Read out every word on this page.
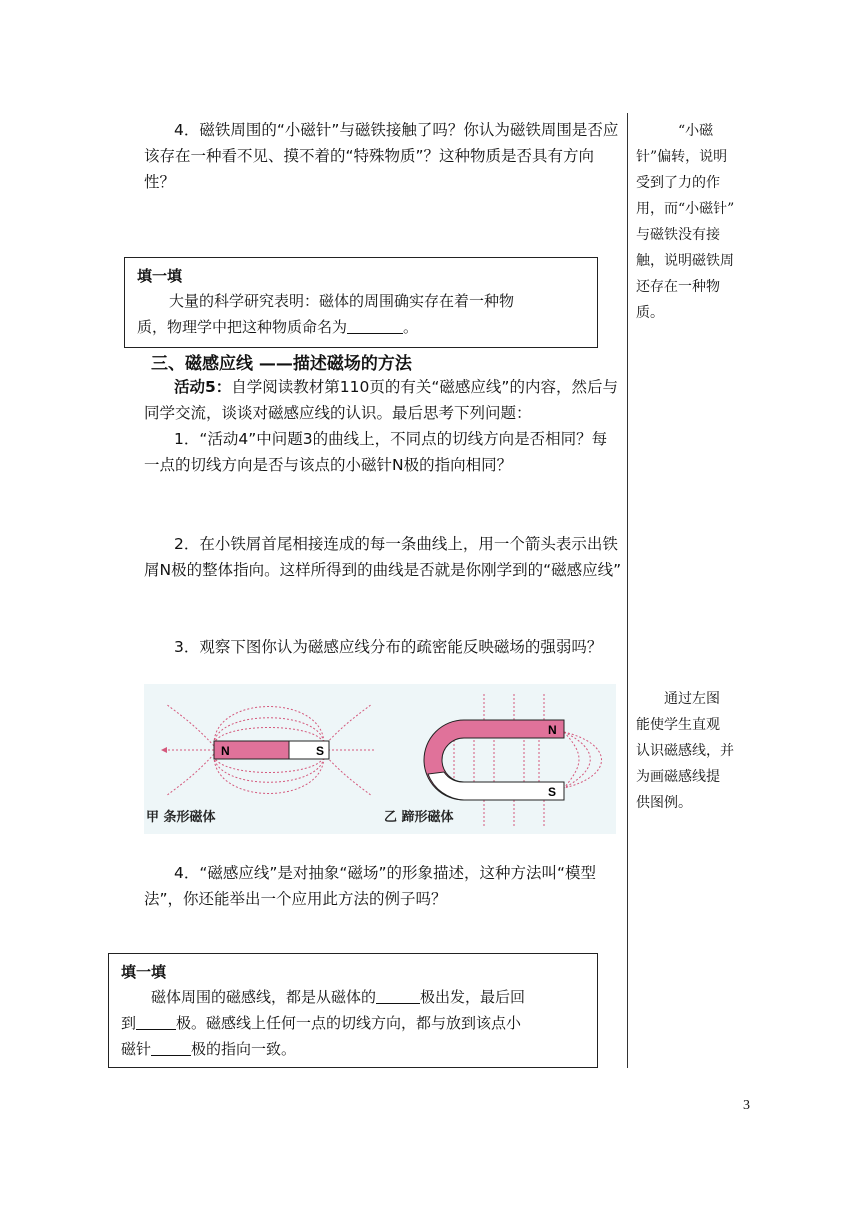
4．磁铁周围的“小磁针”与磁铁接触了吗？你认为磁铁周围是否应该存在一种看不见、摸不着的“特殊物质”？这种物质是否具有方向性？

“小磁
针”偏转，说明
受到了力的作
用，而“小磁针”
与磁铁没有接
触，说明磁铁周
还存在一种物
质。
填一填
大量的科学研究表明：磁体的周围确实存在着一种物
质，物理学中把这种物质命名为	。
三、磁感应线 ——描述磁场的方法

活动5：自学阅读教材第110页的有关“磁感应线”的内容，然后与同学交流，谈谈对磁感应线的认识。最后思考下列问题：

1．“活动4”中问题3的曲线上，不同点的切线方向是否相同？每一点的切线方向是否与该点的小磁针N极的指向相同？

2．在小铁屑首尾相接连成的每一条曲线上，用一个箭头表示出铁屑N极的整体指向。这样所得到的曲线是否就是你刚学到的“磁感应线”

3．观察下图你认为磁感应线分布的疏密能反映磁场的强弱吗？

N	S
N
S
甲 条形磁体	乙 蹄形磁体
通过左图
能使学生直观
认识磁感线，并
为画磁感线提
供图例。

4．“磁感应线”是对抽象“磁场”的形象描述，这种方法叫“模型法”，你还能举出一个应用此方法的例子吗？

填一填
磁体周围的磁感线，都是从磁体的	极出发，最后回
到	极。磁感线上任何一点的切线方向，都与放到该点小
磁针	极的指向一致。
3
